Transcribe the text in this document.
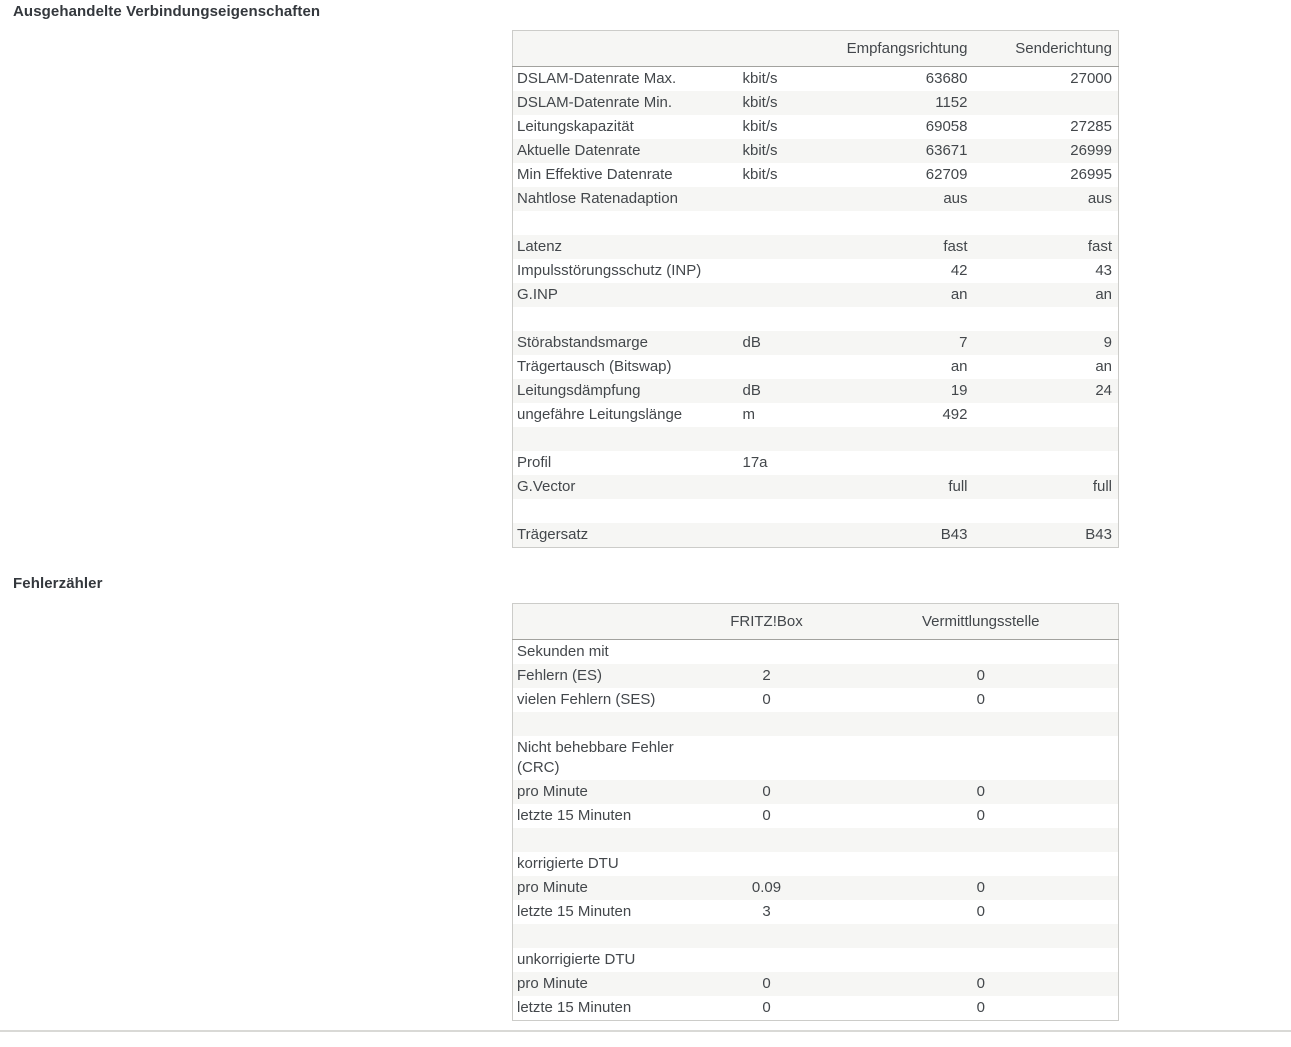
Ausgehandelte Verbindungseigenschaften
		Empfangsrichtung	Senderichtung
DSLAM-Datenrate Max.	kbit/s	63680	27000
DSLAM-Datenrate Min.	kbit/s	1152	
Leitungskapazität	kbit/s	69058	27285
Aktuelle Datenrate	kbit/s	63671	26999
Min Effektive Datenrate	kbit/s	62709	26995
Nahtlose Ratenadaption		aus	aus

Latenz		fast	fast
Impulsstörungsschutz (INP)		42	43
G.INP		an	an

Störabstandsmarge	dB	7	9
Trägertausch (Bitswap)		an	an
Leitungsdämpfung	dB	19	24
ungefähre Leitungslänge	m	492	

Profil	17a		
G.Vector		full	full

Trägersatz		B43	B43
Fehlerzähler
	FRITZ!Box	Vermittlungsstelle
Sekunden mit		
Fehlern (ES)	2	0
vielen Fehlern (SES)	0	0

Nicht behebbare Fehler (CRC)		
pro Minute	0	0
letzte 15 Minuten	0	0

korrigierte DTU		
pro Minute	0.09	0
letzte 15 Minuten	3	0

unkorrigierte DTU		
pro Minute	0	0
letzte 15 Minuten	0	0
